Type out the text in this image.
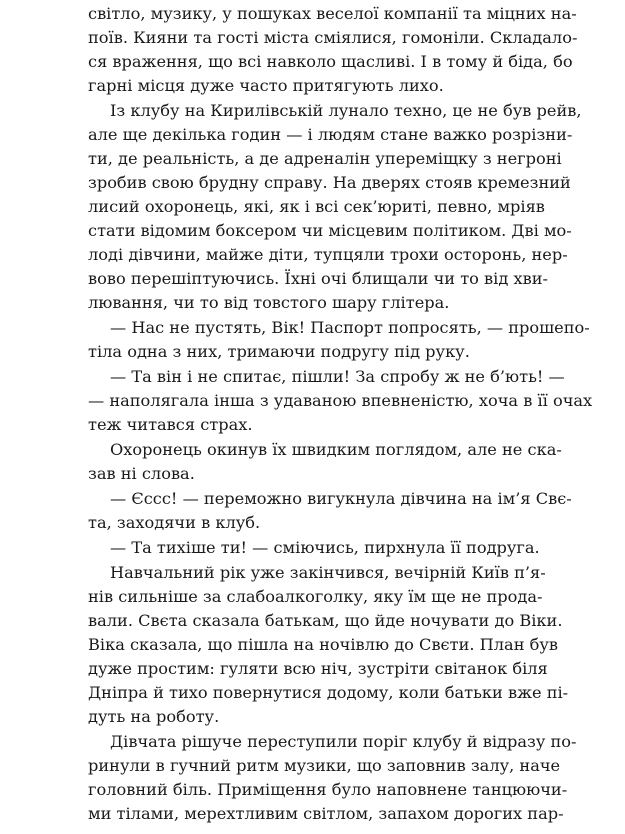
світло, музику, у пошуках веселої компанії та міцних на-
поїв. Кияни та гості міста сміялися, гомоніли. Складало-
ся враження, що всі навколо щасливі. І в тому й біда, бо
гарні місця дуже часто притягують лихо.
Із клубу на Кирилівській лунало техно, це не був рейв,
але ще декілька годин — і людям стане важко розрізни-
ти, де реальність, а де адреналін упереміщку з негроні
зробив свою брудну справу. На дверях стояв кремезний
лисий охоронець, які, як і всі сек’юриті, певно, мріяв
стати відомим боксером чи місцевим політиком. Дві мо-
лоді дівчини, майже діти, тупцяли трохи осторонь, нер-
вово перешіптуючись. Їхні очі блищали чи то від хви-
лювання, чи то від товстого шару глітера.
— Нас не пустять, Вік! Паспорт попросять, — прошепо-
тіла одна з них, тримаючи подругу під руку.
— Та він і не спитає, пішли! За спробу ж не б’ють! —
— наполягала інша з удаваною впевненістю, хоча в її очах
теж читався страх.
Охоронець окинув їх швидким поглядом, але не ска-
зав ні слова.
— Єссс! — переможно вигукнула дівчина на ім’я Свє-
та, заходячи в клуб.
— Та тихіше ти! — сміючись, пирхнула її подруга.
Навчальний рік уже закінчився, вечірній Київ п’я-
нів сильніше за слабоалкоголку, яку їм ще не прода-
вали. Свєта сказала батькам, що йде ночувати до Віки.
Віка сказала, що пішла на ночівлю до Свєти. План був
дуже простим: гуляти всю ніч, зустріти світанок біля
Дніпра й тихо повернутися додому, коли батьки вже пі-
дуть на роботу.
Дівчата рішуче переступили поріг клубу й відразу по-
ринули в гучний ритм музики, що заповнив залу, наче
головний біль. Приміщення було наповнене танцюючи-
ми тілами, мерехтливим світлом, запахом дорогих пар-
